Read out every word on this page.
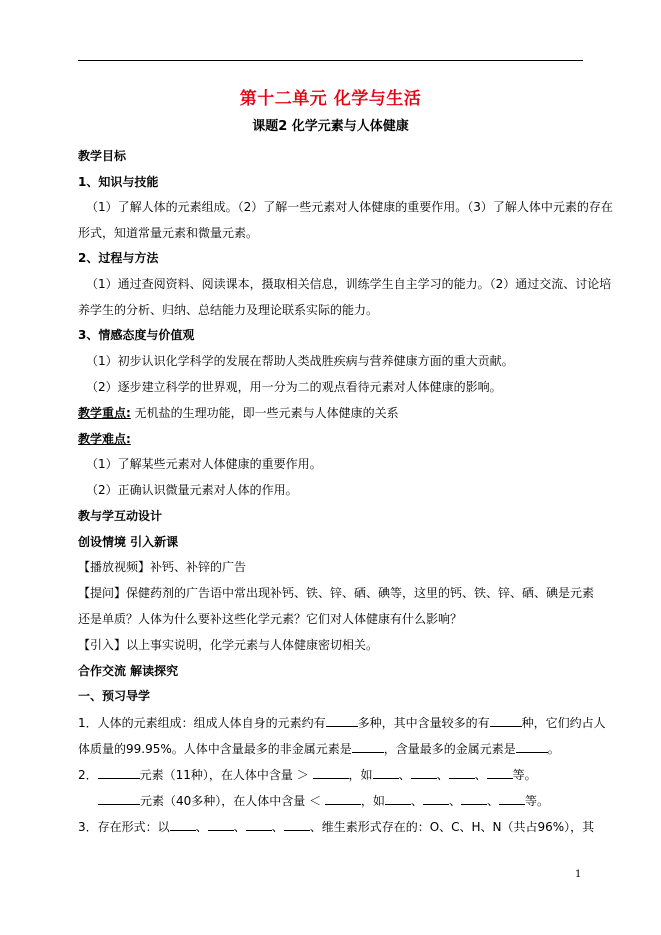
第十二单元 化学与生活
课题2 化学元素与人体健康
教学目标
1、知识与技能
（1）了解人体的元素组成。（2）了解一些元素对人体健康的重要作用。（3）了解人体中元素的存在
形式，知道常量元素和微量元素。
2、过程与方法
（1）通过查阅资料、阅读课本，摄取相关信息，训练学生自主学习的能力。（2）通过交流、讨论培
养学生的分析、归纳、总结能力及理论联系实际的能力。
3、情感态度与价值观
（1）初步认识化学科学的发展在帮助人类战胜疾病与营养健康方面的重大贡献。
（2）逐步建立科学的世界观，用一分为二的观点看待元素对人体健康的影响。
教学重点: 无机盐的生理功能，即一些元素与人体健康的关系
教学难点:
（1）了解某些元素对人体健康的重要作用。
（2）正确认识微量元素对人体的作用。
教与学互动设计
创设情境 引入新课
【播放视频】补钙、补锌的广告
【提问】保健药剂的广告语中常出现补钙、铁、锌、硒、碘等，这里的钙、铁、锌、硒、碘是元素
还是单质？人体为什么要补这些化学元素？它们对人体健康有什么影响？
【引入】以上事实说明，化学元素与人体健康密切相关。
合作交流 解读探究
一、预习导学
1．人体的元素组成：组成人体自身的元素约有	多种，其中含量较多的有	种，它们约占人
体质量的99.95%。人体中含量最多的非金属元素是	，含量最多的金属元素是	。
2．	元素（11种），在人体中含量 ＞	，如 、 、 、 等。
元素（40多种），在人体中含量 ＜	，如 、 、 、 等。
3．存在形式：以 、 、 、 、维生素形式存在的：O、C、H、N（共占96%），其
1
